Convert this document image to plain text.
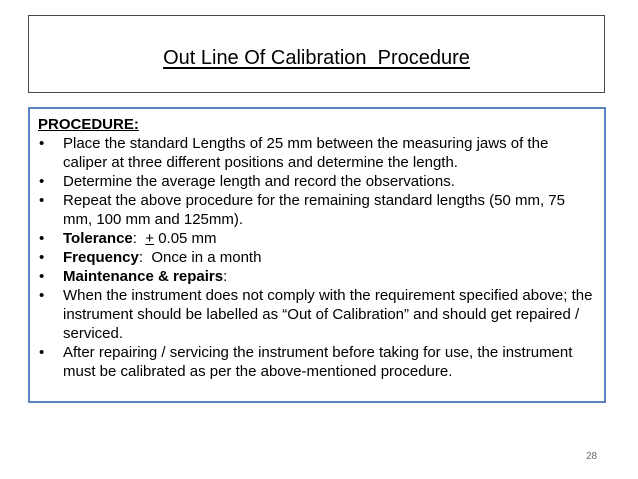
Out Line Of Calibration  Procedure
PROCEDURE:
• Place the standard Lengths of 25 mm between the measuring jaws of the caliper at three different positions and determine the length.
• Determine the average length and record the observations.
• Repeat the above procedure for the remaining standard lengths (50 mm, 75 mm, 100 mm and 125mm).
• Tolerance:  + 0.05 mm
• Frequency:  Once in a month
• Maintenance & repairs:
• When the instrument does not comply with the requirement specified above; the instrument should be labelled as “Out of Calibration” and should get repaired / serviced.
• After repairing / servicing the instrument before taking for use, the instrument must be calibrated as per the above-mentioned procedure.
28
